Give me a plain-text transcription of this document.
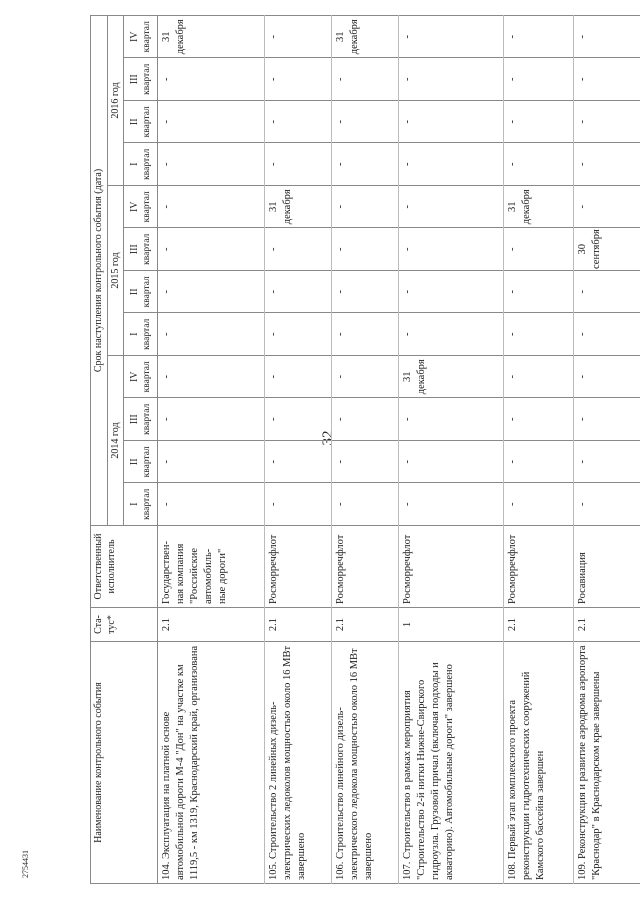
32
2754431
Наименование контрольного события	Ста- тус*	Ответственный исполнитель	Срок наступления контрольного события (дата)											
			2014 год				2015 год				2016 год			

			I квартал	II квартал	III квартал	IV квартал	I квартал	II квартал	III квартал	IV квартал	I квартал	II квартал	III квартал	IV квартал

104. Эксплуатация на платной основе автомобильной дороги М-4 "Дон" на участке км 1119,5 - км 1319, Краснодарский край, организована	2.1	Государствен- ная компания "Российские автомобиль- ные дороги"	-	-	-	-	-	-	-	-	-	-	-	31 декабря
105. Строительство 2 линейных дизель-электрических ледоколов мощностью около 16 МВт завершено	2.1	Росморречфлот	-	-	-	-	-	-	-	31 декабря	-	-	-	-
106. Строительство линейного дизель-электрического ледокола мощностью около 16 МВт завершено	2.1	Росморречфлот	-	-	-	-	-	-	-	-	-	-	-	31 декабря
107. Строительство в рамках мероприятия "Строительство 2-й нитки Нижне-Свирского гидроузла. Грузовой причал (включая подходы и акваторию). Автомобильные дороги" завершено	1	Росморречфлот	-	-	-	31 декабря	-	-	-	-	-	-	-	-
108. Первый этап комплексного проекта реконструкции гидротехнических сооружений Камского бассейна завершен	2.1	Росморречфлот	-	-	-	-	-	-	-	31 декабря	-	-	-	-
109. Реконструкция и развитие аэродрома аэропорта "Краснодар" в Краснодарском крае завершены	2.1	Росавиация	-	-	-	-	-	-	30 сентября	-	-	-	-	-
